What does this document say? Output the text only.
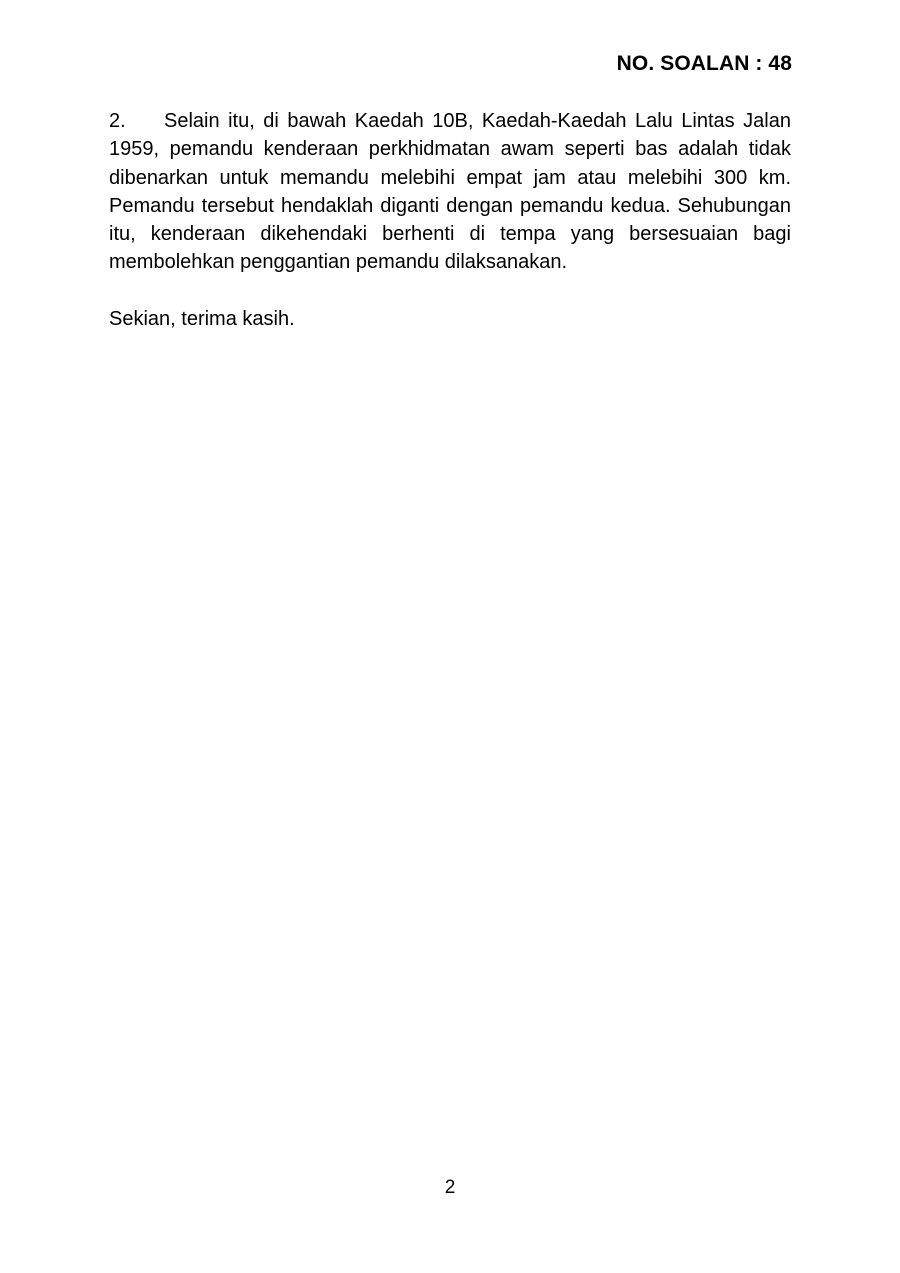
NO. SOALAN : 48

2. Selain itu, di bawah Kaedah 10B, Kaedah-Kaedah Lalu Lintas Jalan 1959, pemandu kenderaan perkhidmatan awam seperti bas adalah tidak dibenarkan untuk memandu melebihi empat jam atau melebihi 300 km. Pemandu tersebut hendaklah diganti dengan pemandu kedua. Sehubungan itu, kenderaan dikehendaki berhenti di tempa yang bersesuaian bagi membolehkan penggantian pemandu dilaksanakan.

Sekian, terima kasih.

2
